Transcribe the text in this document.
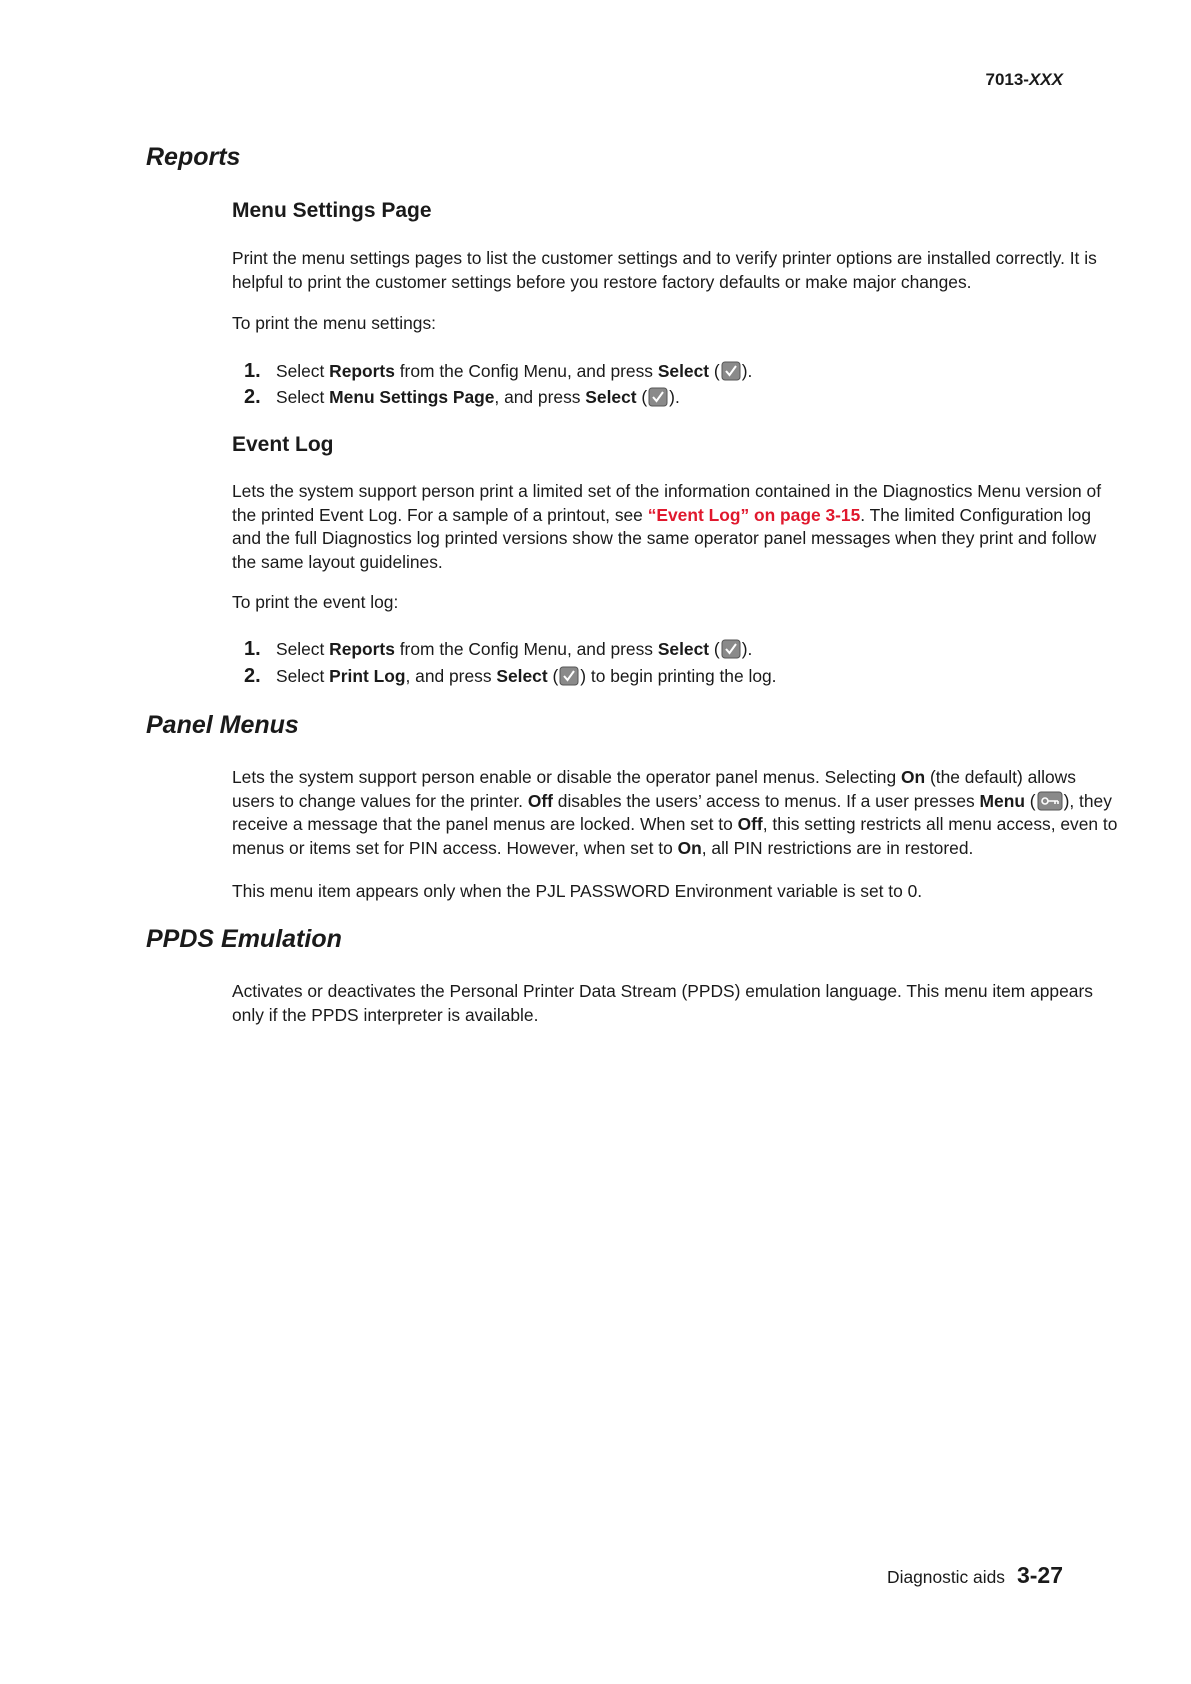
7013-XXX
Reports
Menu Settings Page

Print the menu settings pages to list the customer settings and to verify printer options are installed correctly. It is helpful to print the customer settings before you restore factory defaults or make major changes.

To print the menu settings:

1. Select Reports from the Config Menu, and press Select ( ).
2. Select Menu Settings Page, and press Select ( ).
Event Log

Lets the system support person print a limited set of the information contained in the Diagnostics Menu version of the printed Event Log. For a sample of a printout, see “Event Log” on page 3-15. The limited Configuration log and the full Diagnostics log printed versions show the same operator panel messages when they print and follow the same layout guidelines.

To print the event log:

1. Select Reports from the Config Menu, and press Select ( ).
2. Select Print Log, and press Select ( ) to begin printing the log.
Panel Menus

Lets the system support person enable or disable the operator panel menus. Selecting On (the default) allows users to change values for the printer. Off disables the users’ access to menus. If a user presses Menu ( ), they receive a message that the panel menus are locked. When set to Off, this setting restricts all menu access, even to menus or items set for PIN access. However, when set to On, all PIN restrictions are in restored.

This menu item appears only when the PJL PASSWORD Environment variable is set to 0.

PPDS Emulation

Activates or deactivates the Personal Printer Data Stream (PPDS) emulation language. This menu item appears only if the PPDS interpreter is available.

Diagnostic aids 3-27
